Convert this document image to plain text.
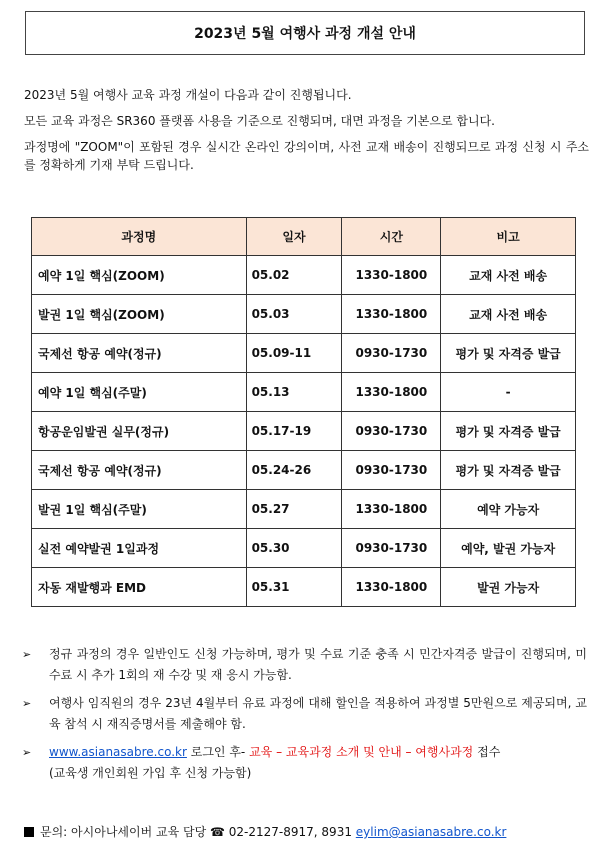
2023년 5월 여행사 과정 개설 안내

2023년 5월 여행사 교육 과정 개설이 다음과 같이 진행됩니다.

모든 교육 과정은 SR360 플랫폼 사용을 기준으로 진행되며, 대면 과정을 기본으로 합니다.

과정명에 "ZOOM"이 포함된 경우 실시간 온라인 강의이며, 사전 교재 배송이 진행되므로 과정 신청 시 주소를 정확하게 기재 부탁 드립니다.

과정명	일자	시간	비고
예약 1일 핵심(ZOOM)	05.02	1330-1800	교재 사전 배송
발권 1일 핵심(ZOOM)	05.03	1330-1800	교재 사전 배송
국제선 항공 예약(정규)	05.09-11	0930-1730	평가 및 자격증 발급
예약 1일 핵심(주말)	05.13	1330-1800	-
항공운임발권 실무(정규)	05.17-19	0930-1730	평가 및 자격증 발급
국제선 항공 예약(정규)	05.24-26	0930-1730	평가 및 자격증 발급
발권 1일 핵심(주말)	05.27	1330-1800	예약 가능자
실전 예약발권 1일과정	05.30	0930-1730	예약, 발권 가능자
자동 재발행과 EMD	05.31	1330-1800	발권 가능자
➢	정규 과정의 경우 일반인도 신청 가능하며, 평가 및 수료 기준 충족 시 민간자격증 발급이 진행되며, 미 수료 시 추가 1회의 재 수강 및 재 응시 가능함.
➢	여행사 임직원의 경우 23년 4월부터 유료 과정에 대해 할인을 적용하여 과정별 5만원으로 제공되며, 교육 참석 시 재직증명서를 제출해야 함.
➢	www.asianasabre.co.kr 로그인 후- 교육 – 교육과정 소개 및 안내 – 여행사과정 접수
(교육생 개인회원 가입 후 신청 가능함)
문의: 아시아나세이버 교육 담당 ☎ 02-2127-8917, 8931 eylim@asianasabre.co.kr
